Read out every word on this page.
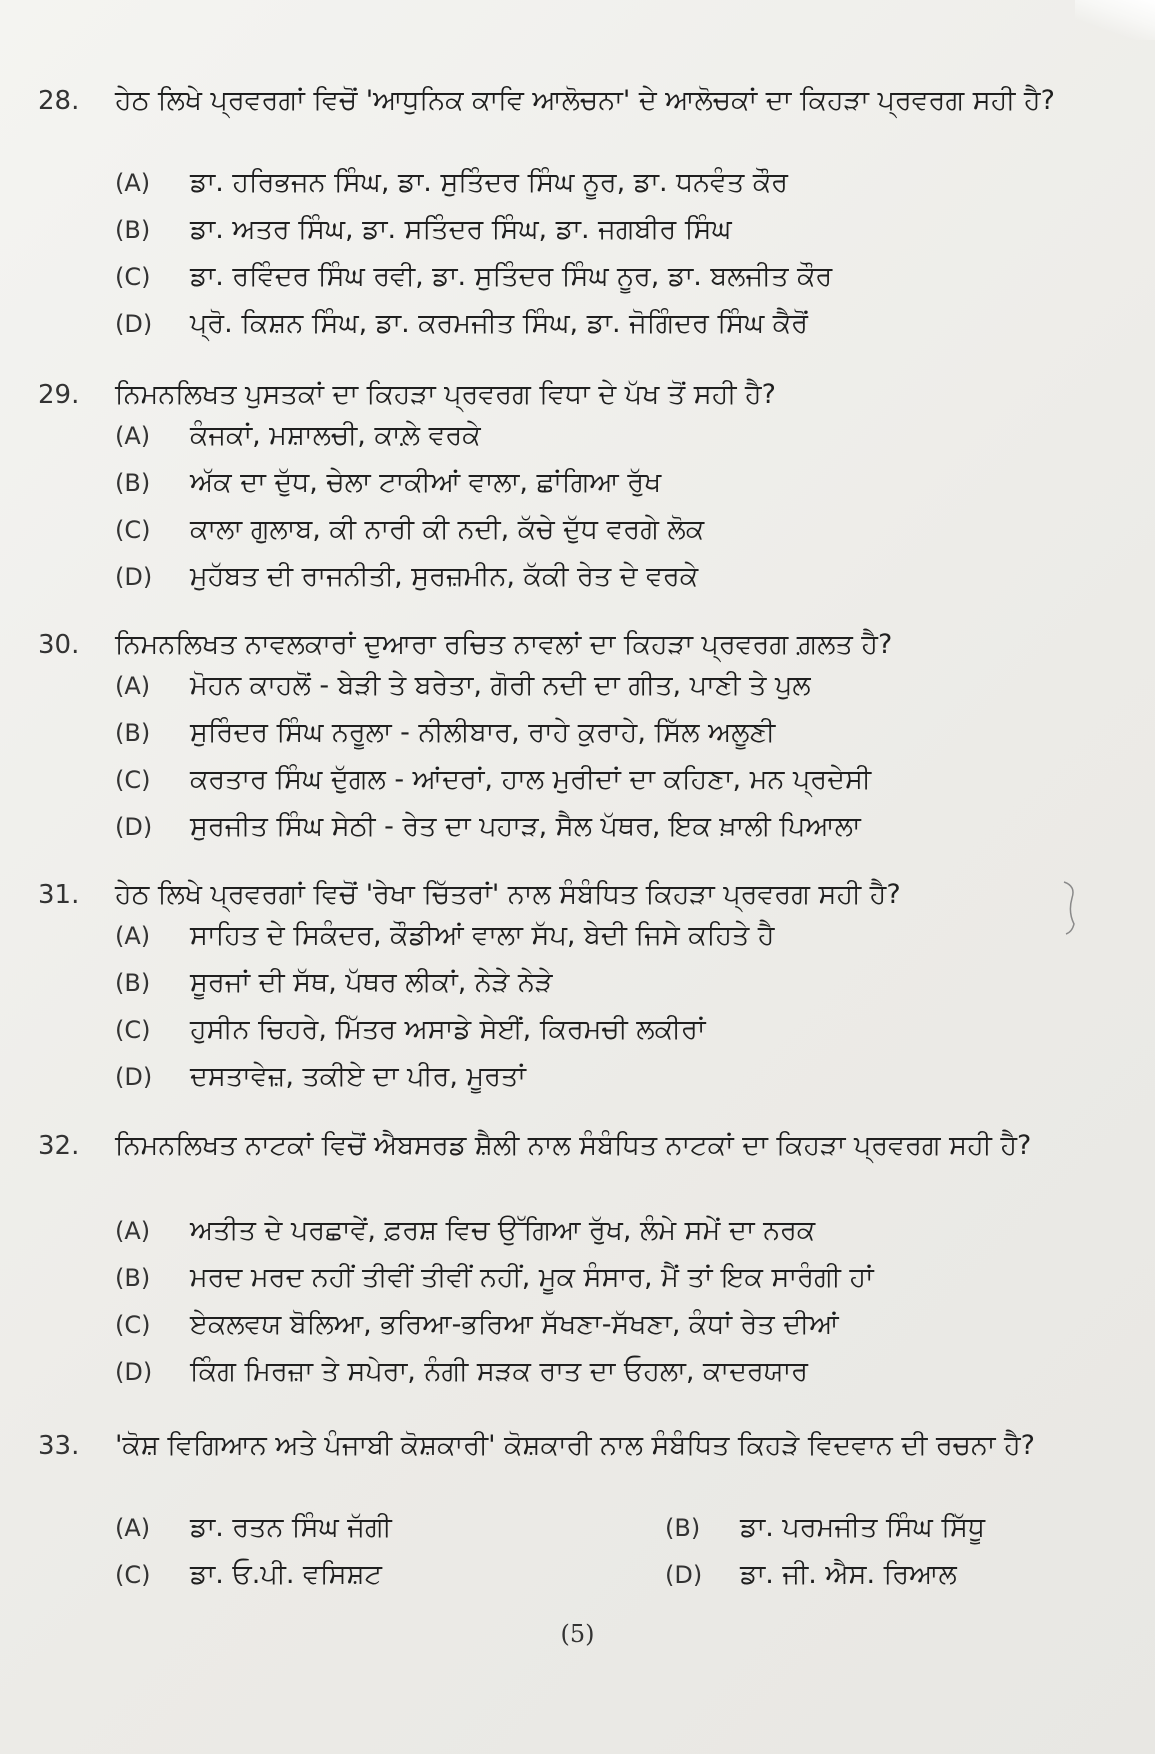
28.	ਹੇਠ ਲਿਖੇ ਪ੍ਰਵਰਗਾਂ ਵਿਚੋਂ 'ਆਧੁਨਿਕ ਕਾਵਿ ਆਲੋਚਨਾ' ਦੇ ਆਲੋਚਕਾਂ ਦਾ ਕਿਹੜਾ ਪ੍ਰਵਰਗ ਸਹੀ ਹੈ?
(A) ਡਾ. ਹਰਿਭਜਨ ਸਿੰਘ, ਡਾ. ਸੁਤਿੰਦਰ ਸਿੰਘ ਨੂਰ, ਡਾ. ਧਨਵੰਤ ਕੌਰ
(B) ਡਾ. ਅਤਰ ਸਿੰਘ, ਡਾ. ਸਤਿੰਦਰ ਸਿੰਘ, ਡਾ. ਜਗਬੀਰ ਸਿੰਘ
(C) ਡਾ. ਰਵਿੰਦਰ ਸਿੰਘ ਰਵੀ, ਡਾ. ਸੁਤਿੰਦਰ ਸਿੰਘ ਨੂਰ, ਡਾ. ਬਲਜੀਤ ਕੌਰ
(D) ਪ੍ਰੋ. ਕਿਸ਼ਨ ਸਿੰਘ, ਡਾ. ਕਰਮਜੀਤ ਸਿੰਘ, ਡਾ. ਜੋਗਿੰਦਰ ਸਿੰਘ ਕੈਰੋਂ
29.	ਨਿਮਨਲਿਖਤ ਪੁਸਤਕਾਂ ਦਾ ਕਿਹੜਾ ਪ੍ਰਵਰਗ ਵਿਧਾ ਦੇ ਪੱਖ ਤੋਂ ਸਹੀ ਹੈ?
(A) ਕੰਜਕਾਂ, ਮਸ਼ਾਲਚੀ, ਕਾਲ਼ੇ ਵਰਕੇ
(B) ਅੱਕ ਦਾ ਦੁੱਧ, ਚੇਲਾ ਟਾਕੀਆਂ ਵਾਲਾ, ਛਾਂਗਿਆ ਰੁੱਖ
(C) ਕਾਲਾ ਗੁਲਾਬ, ਕੀ ਨਾਰੀ ਕੀ ਨਦੀ, ਕੱਚੇ ਦੁੱਧ ਵਰਗੇ ਲੋਕ
(D) ਮੁਹੱਬਤ ਦੀ ਰਾਜਨੀਤੀ, ਸੁਰਜ਼ਮੀਨ, ਕੱਕੀ ਰੇਤ ਦੇ ਵਰਕੇ
30.	ਨਿਮਨਲਿਖਤ ਨਾਵਲਕਾਰਾਂ ਦੁਆਰਾ ਰਚਿਤ ਨਾਵਲਾਂ ਦਾ ਕਿਹੜਾ ਪ੍ਰਵਰਗ ਗ਼ਲਤ ਹੈ?
(A) ਮੋਹਨ ਕਾਹਲੋਂ - ਬੇੜੀ ਤੇ ਬਰੇਤਾ, ਗੋਰੀ ਨਦੀ ਦਾ ਗੀਤ, ਪਾਣੀ ਤੇ ਪੁਲ
(B) ਸੁਰਿੰਦਰ ਸਿੰਘ ਨਰੂਲਾ - ਨੀਲੀਬਾਰ, ਰਾਹੇ ਕੁਰਾਹੇ, ਸਿੱਲ ਅਲੂਣੀ
(C) ਕਰਤਾਰ ਸਿੰਘ ਦੁੱਗਲ - ਆਂਦਰਾਂ, ਹਾਲ ਮੁਰੀਦਾਂ ਦਾ ਕਹਿਣਾ, ਮਨ ਪ੍ਰਦੇਸੀ
(D) ਸੁਰਜੀਤ ਸਿੰਘ ਸੇਠੀ - ਰੇਤ ਦਾ ਪਹਾੜ, ਸੈਲ ਪੱਥਰ, ਇਕ ਖ਼ਾਲੀ ਪਿਆਲਾ
31.	ਹੇਠ ਲਿਖੇ ਪ੍ਰਵਰਗਾਂ ਵਿਚੋਂ 'ਰੇਖਾ ਚਿੱਤਰਾਂ' ਨਾਲ ਸੰਬੰਧਿਤ ਕਿਹੜਾ ਪ੍ਰਵਰਗ ਸਹੀ ਹੈ?
(A) ਸਾਹਿਤ ਦੇ ਸਿਕੰਦਰ, ਕੌਡੀਆਂ ਵਾਲਾ ਸੱਪ, ਬੇਦੀ ਜਿਸੇ ਕਹਿਤੇ ਹੈ
(B) ਸੂਰਜਾਂ ਦੀ ਸੱਥ, ਪੱਥਰ ਲੀਕਾਂ, ਨੇੜੇ ਨੇੜੇ
(C) ਹੁਸੀਨ ਚਿਹਰੇ, ਮਿੱਤਰ ਅਸਾਡੇ ਸੇਈਂ, ਕਿਰਮਚੀ ਲਕੀਰਾਂ
(D) ਦਸਤਾਵੇਜ਼, ਤਕੀਏ ਦਾ ਪੀਰ, ਮੂਰਤਾਂ
32.	ਨਿਮਨਲਿਖਤ ਨਾਟਕਾਂ ਵਿਚੋਂ ਐਬਸਰਡ ਸ਼ੈਲੀ ਨਾਲ ਸੰਬੰਧਿਤ ਨਾਟਕਾਂ ਦਾ ਕਿਹੜਾ ਪ੍ਰਵਰਗ ਸਹੀ ਹੈ?
(A) ਅਤੀਤ ਦੇ ਪਰਛਾਵੇਂ, ਫ਼ਰਸ਼ ਵਿਚ ਉੱਗਿਆ ਰੁੱਖ, ਲੰਮੇ ਸਮੇਂ ਦਾ ਨਰਕ
(B) ਮਰਦ ਮਰਦ ਨਹੀਂ ਤੀਵੀਂ ਤੀਵੀਂ ਨਹੀਂ, ਮੂਕ ਸੰਸਾਰ, ਮੈਂ ਤਾਂ ਇਕ ਸਾਰੰਗੀ ਹਾਂ
(C) ਏਕਲਵਯ ਬੋਲਿਆ, ਭਰਿਆ-ਭਰਿਆ ਸੱਖਣਾ-ਸੱਖਣਾ, ਕੰਧਾਂ ਰੇਤ ਦੀਆਂ
(D) ਕਿੰਗ ਮਿਰਜ਼ਾ ਤੇ ਸਪੇਰਾ, ਨੰਗੀ ਸੜਕ ਰਾਤ ਦਾ ਓਹਲਾ, ਕਾਦਰਯਾਰ
33.	'ਕੋਸ਼ ਵਿਗਿਆਨ ਅਤੇ ਪੰਜਾਬੀ ਕੋਸ਼ਕਾਰੀ' ਕੋਸ਼ਕਾਰੀ ਨਾਲ ਸੰਬੰਧਿਤ ਕਿਹੜੇ ਵਿਦਵਾਨ ਦੀ ਰਚਨਾ ਹੈ?
(A) ਡਾ. ਰਤਨ ਸਿੰਘ ਜੱਗੀ	(B) ਡਾ. ਪਰਮਜੀਤ ਸਿੰਘ ਸਿੱਧੂ
(C) ਡਾ. ਓ.ਪੀ. ਵਸਿਸ਼ਟ	(D) ਡਾ. ਜੀ. ਐਸ. ਰਿਆਲ
(5)
